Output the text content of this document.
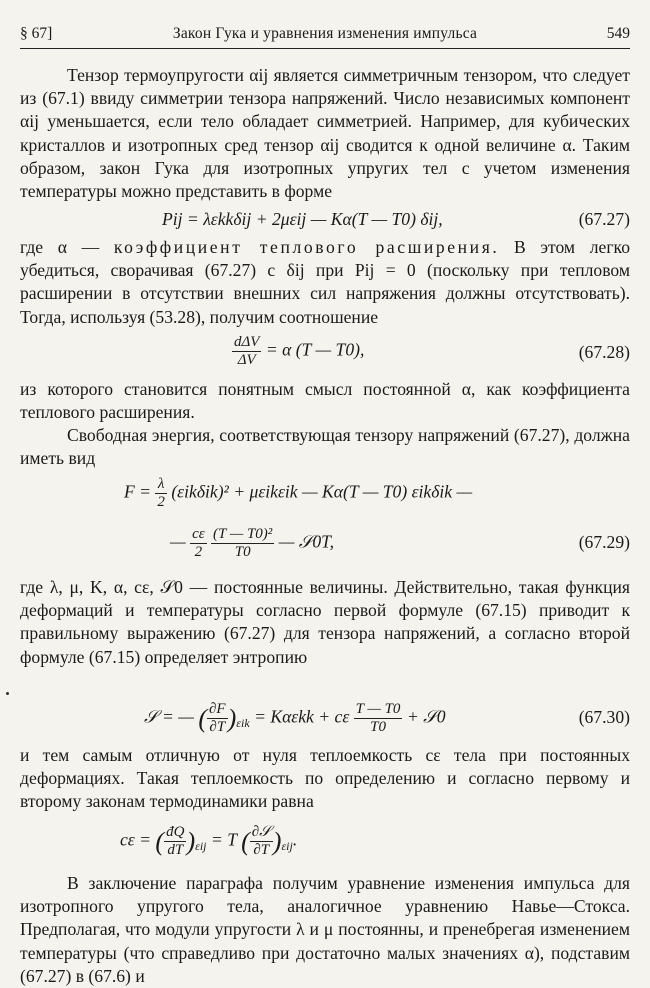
§ 67]	Закон Гука и уравнения изменения импульса	549

Тензор термоупругости αij является симметричным тензором, что следует из (67.1) ввиду симметрии тензора напряжений. Число независимых компонент αij уменьшается, если тело обладает симметрией. Например, для кубических кристаллов и изотропных сред тензор αij сводится к одной величине α. Таким образом, закон Гука для изотропных упругих тел с учетом изменения температуры можно представить в форме

Pij = λεkkδij + 2μεij — Kα(T — T0) δij,	(67.27)

где α — коэффициент теплового расширения. В этом легко убедиться, сворачивая (67.27) с δij при Pij = 0 (поскольку при тепловом расширении в отсутствии внешних сил напряжения должны отсутствовать). Тогда, используя (53.28), получим соотношение

$\frac{\text{dΔV}}{\Delta V} = \alpha$ (T — T0),	(67.28)

из которого становится понятным смысл постоянной α, как коэффициента теплового расширения.

Свободная энергия, соответствующая тензору напряжений (67.27), должна иметь вид

$F = \frac{\lambda}{2} (\varepsilon ik\delta ik)^2 + \mu\varepsilon ik\varepsilon ik$ — Kα(T — T0) εikδik —
— $\frac{c\varepsilon}{2}$
$\frac{\text{(T — T0)²}}{T0}$ — 𝒮0T,	(67.29)

где λ, μ, K, α, cε, 𝒮0 — постоянные величины. Действительно, такая функция деформаций и температуры согласно первой формуле (67.15) приводит к правильному выражению (67.27) для тензора напряжений, а согласно второй формуле (67.15) определяет энтропию

𝒮 = — ( $\frac{\partial F}{\partial T} )_{\varepsilon ik} = K\alpha\varepsilon kk + c\varepsilon \frac{T — T0}{T0}$ + 𝒮0	(67.30)

и тем самым отличную от нуля теплоемкость cε тела при постоянных деформациях. Такая теплоемкость по определению и согласно первому и второму законам термодинамики равна

cε = ( $\frac{đQ}{dT} )_{\varepsilon ij} = T$ ( $\frac{\text{∂𝒮}}{\partial T} )_{\varepsilon ij}$.

В заключение параграфа получим уравнение изменения импульса для изотропного упругого тела, аналогичное уравнению Навье—Стокса. Предполагая, что модули упругости λ и μ постоянны, и пренебрегая изменением температуры (что справедливо при достаточно малых значениях α), подставим (67.27) в (67.6) и
